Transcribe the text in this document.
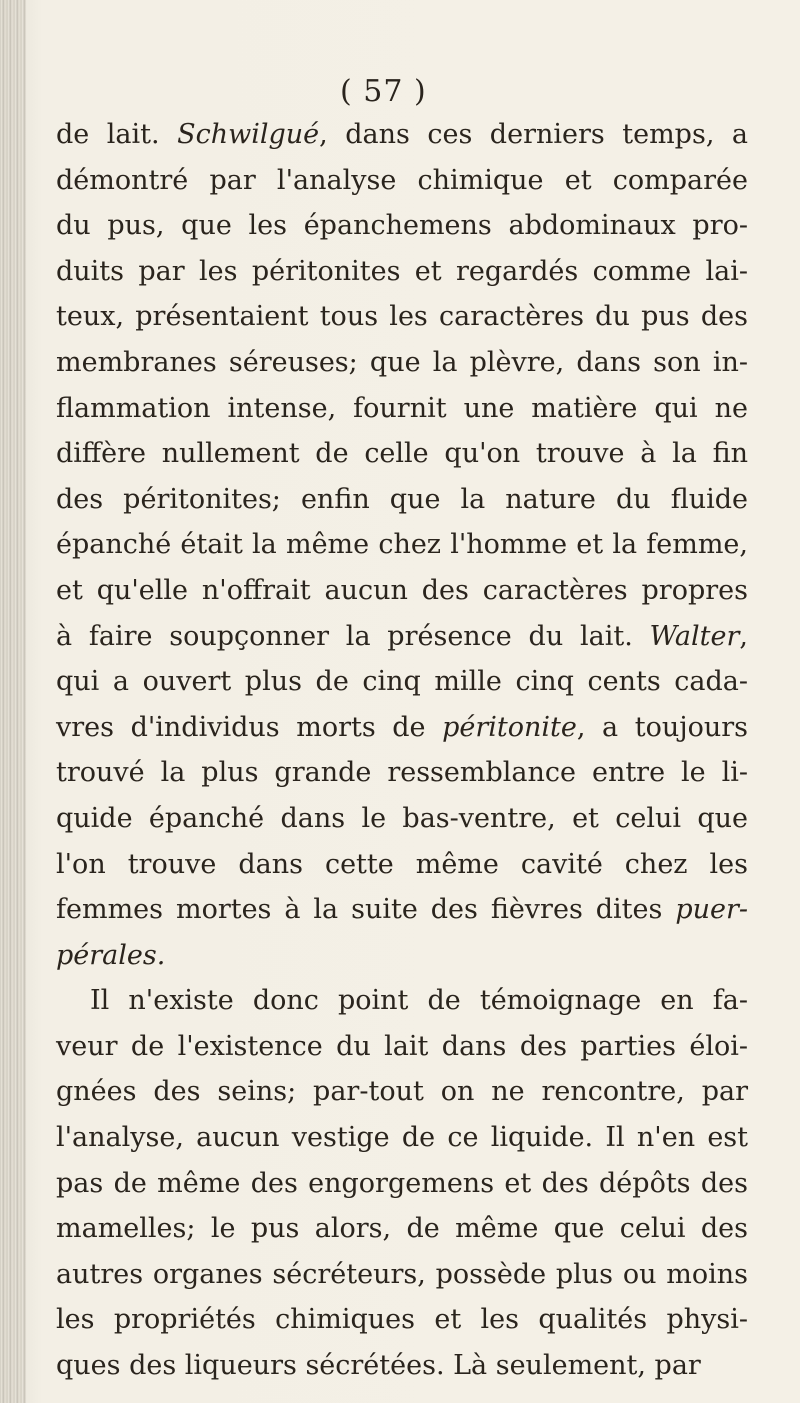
( 57 )
de lait. Schwilgué, dans ces derniers temps, a
démontré par l'analyse chimique et comparée
du pus, que les épanchemens abdominaux pro-
duits par les péritonites et regardés comme lai-
teux, présentaient tous les caractères du pus des
membranes séreuses; que la plèvre, dans son in-
flammation intense, fournit une matière qui ne
diffère nullement de celle qu'on trouve à la fin
des péritonites; enfin que la nature du fluide
épanché était la même chez l'homme et la femme,
et qu'elle n'offrait aucun des caractères propres
à faire soupçonner la présence du lait. Walter,
qui a ouvert plus de cinq mille cinq cents cada-
vres d'individus morts de péritonite, a toujours
trouvé la plus grande ressemblance entre le li-
quide épanché dans le bas-ventre, et celui que
l'on trouve dans cette même cavité chez les
femmes mortes à la suite des fièvres dites puer-
pérales.
Il n'existe donc point de témoignage en fa-
veur de l'existence du lait dans des parties éloi-
gnées des seins; par-tout on ne rencontre, par
l'analyse, aucun vestige de ce liquide. Il n'en est
pas de même des engorgemens et des dépôts des
mamelles; le pus alors, de même que celui des
autres organes sécréteurs, possède plus ou moins
les propriétés chimiques et les qualités physi-
ques des liqueurs sécrétées. Là seulement, par
